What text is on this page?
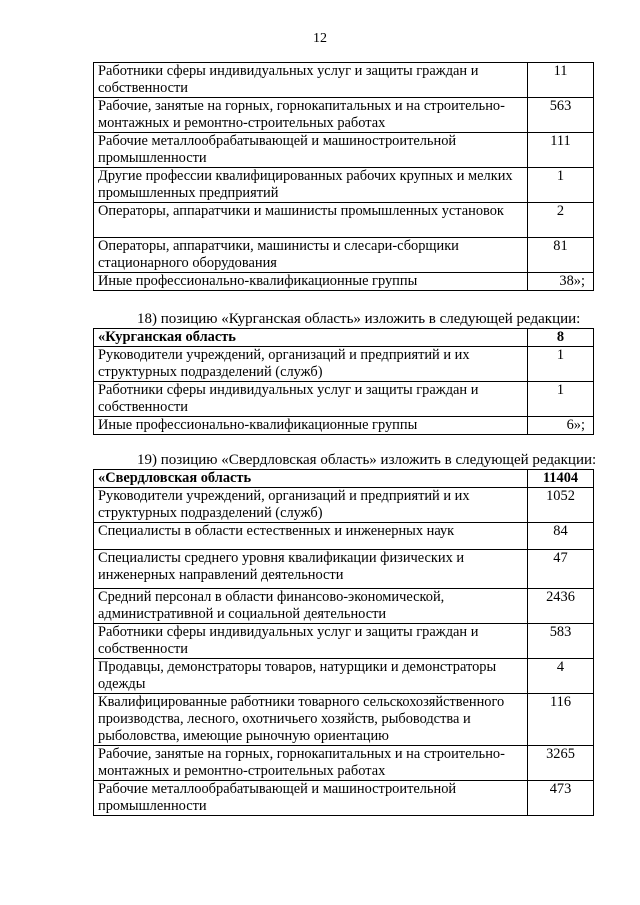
12
Работники сферы индивидуальных услуг и защиты граждан и собственности	11
Рабочие, занятые на горных, горнокапитальных и на строительно-монтажных и ремонтно-строительных работах	563
Рабочие металлообрабатывающей и машиностроительной промышленности	111
Другие профессии квалифицированных рабочих крупных и мелких промышленных предприятий	1
Операторы, аппаратчики и машинисты промышленных установок	2
Операторы, аппаратчики, машинисты и слесари-сборщики стационарного оборудования	81
Иные профессионально-квалификационные группы	38»;
18) позицию «Курганская область» изложить в следующей редакции:
«Курганская область	8
Руководители учреждений, организаций и предприятий и их структурных подразделений (служб)	1
Работники сферы индивидуальных услуг и защиты граждан и собственности	1
Иные профессионально-квалификационные группы	6»;
19) позицию «Свердловская область» изложить в следующей редакции:
«Свердловская область	11404
Руководители учреждений, организаций и предприятий и их структурных подразделений (служб)	1052
Специалисты в области естественных и инженерных наук	84
Специалисты среднего уровня квалификации физических и инженерных направлений деятельности	47
Средний персонал в области финансово-экономической, административной и социальной деятельности	2436
Работники сферы индивидуальных услуг и защиты граждан и собственности	583
Продавцы, демонстраторы товаров, натурщики и демонстраторы одежды	4
Квалифицированные работники товарного сельскохозяйственного производства, лесного, охотничьего хозяйств, рыбоводства и рыболовства, имеющие рыночную ориентацию	116
Рабочие, занятые на горных, горнокапитальных и на строительно-монтажных и ремонтно-строительных работах	3265
Рабочие металлообрабатывающей и машиностроительной промышленности	473
